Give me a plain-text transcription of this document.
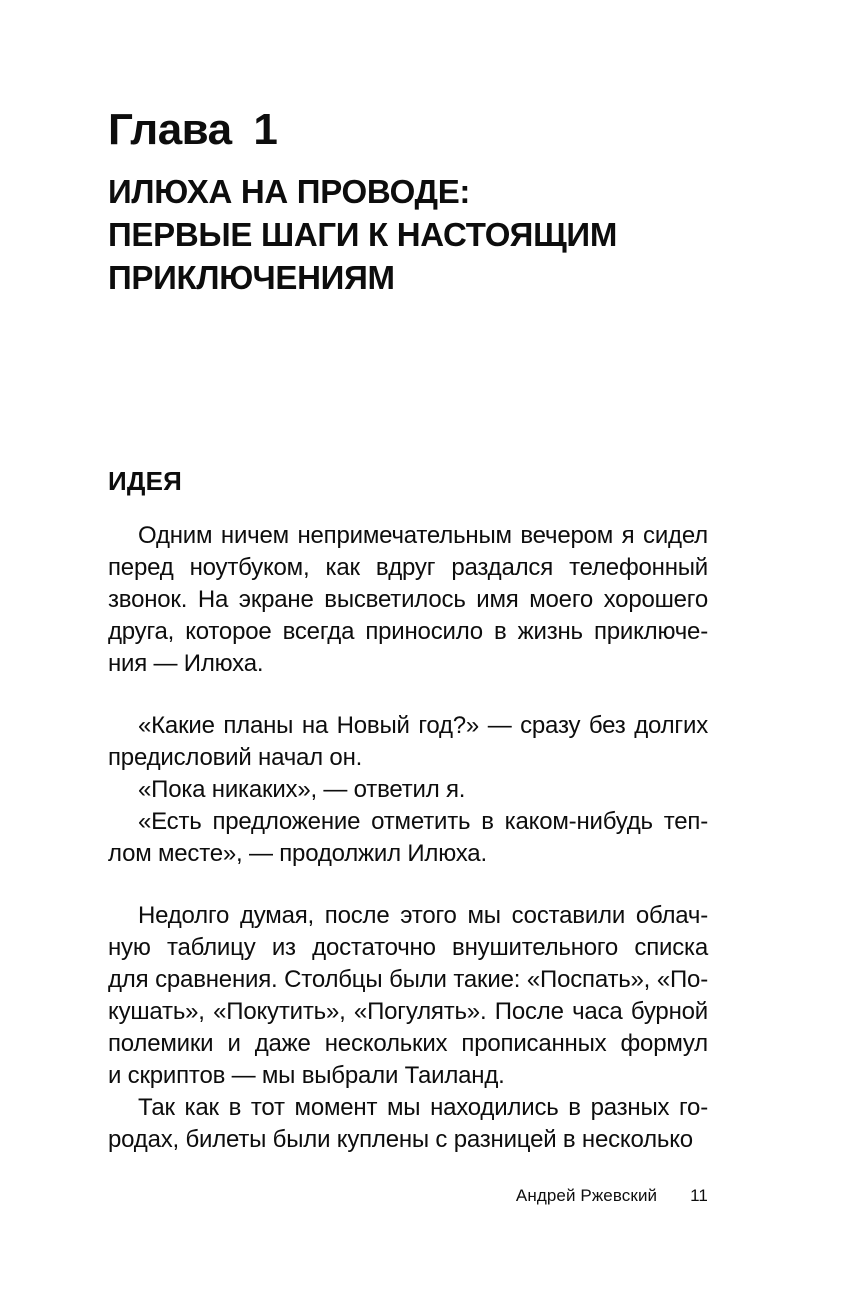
Глава 1
ИЛЮХА НА ПРОВОДЕ:
ПЕРВЫЕ ШАГИ К НАСТОЯЩИМ
ПРИКЛЮЧЕНИЯМ
ИДЕЯ
Одним ничем непримечательным вечером я сидел
перед ноутбуком, как вдруг раздался телефонный
звонок. На экране высветилось имя моего хорошего
друга, которое всегда приносило в жизнь приключе-
ния — Илюха.
«Какие планы на Новый год?» — сразу без долгих
предисловий начал он.
«Пока никаких», — ответил я.
«Есть предложение отметить в каком-нибудь теп-
лом месте», — продолжил Илюха.
Недолго думая, после этого мы составили облач-
ную таблицу из достаточно внушительного списка
для сравнения. Столбцы были такие: «Поспать», «По-
кушать», «Покутить», «Погулять». После часа бурной
полемики и даже нескольких прописанных формул
и скриптов — мы выбрали Таиланд.
Так как в тот момент мы находились в разных го-
родах, билеты были куплены с разницей в несколько
Андрей Ржевский 11
